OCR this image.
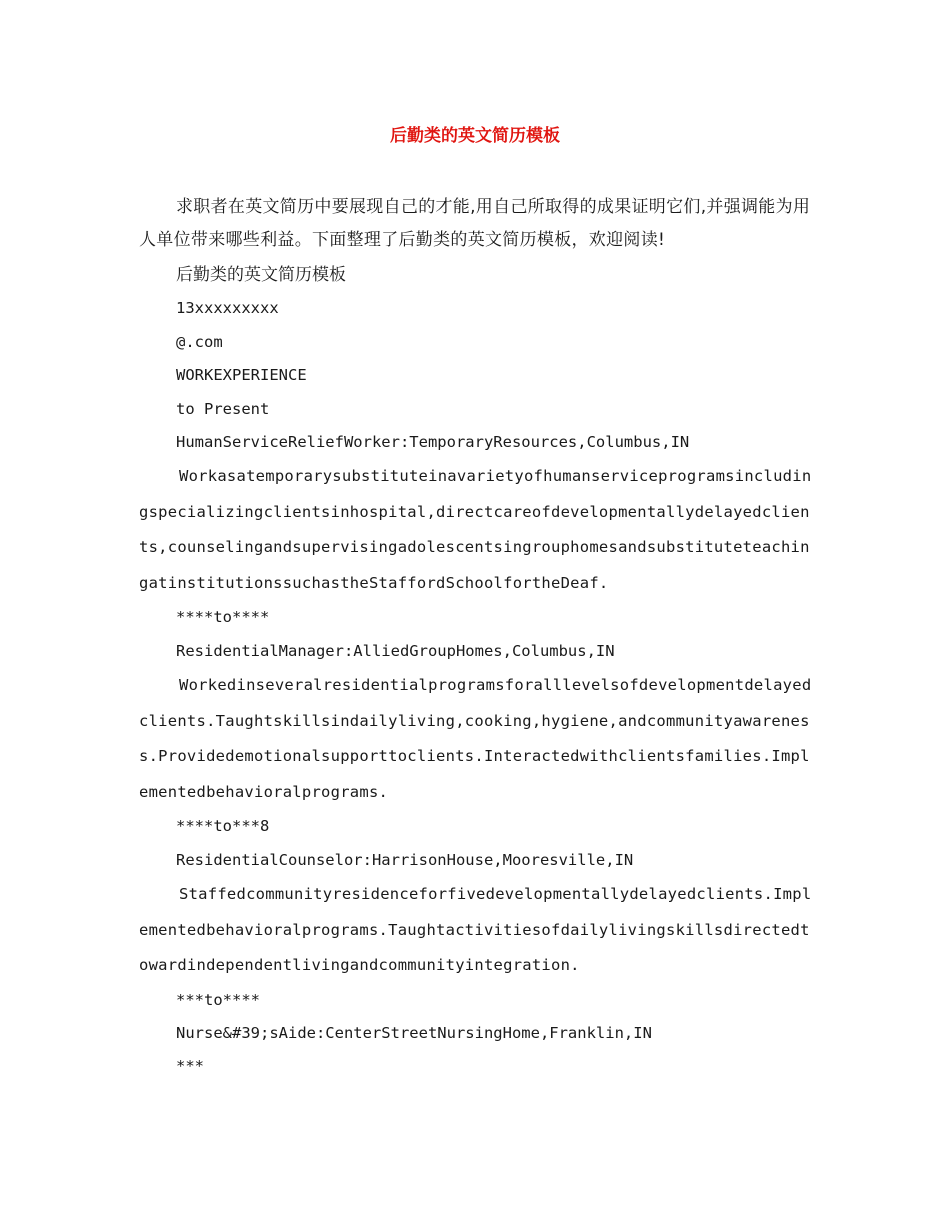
后勤类的英文简历模板

求职者在英文简历中要展现自己的才能,用自己所取得的成果证明它们,并强调能为用人单位带来哪些利益。下面整理了后勤类的英文简历模板，欢迎阅读!

后勤类的英文简历模板

13xxxxxxxxx

@.com

WORKEXPERIENCE

to Present

HumanServiceReliefWorker:TemporaryResources,Columbus,IN

Workasatemporarysubstituteinavarietyofhumanserviceprogramsincludingspecializingclientsinhospital,directcareofdevelopmentallydelayedclients,counselingandsupervisingadolescentsingrouphomesandsubstituteteachingatinstitutionssuchastheStaffordSchoolfortheDeaf.

****to****

ResidentialManager:AlliedGroupHomes,Columbus,IN

Workedinseveralresidentialprogramsforalllevelsofdevelopmentdelayedclients.Taughtskillsindailyliving,cooking,hygiene,andcommunityawareness.Providedemotionalsupporttoclients.Interactedwithclientsfamilies.Implementedbehavioralprograms.

****to***8

ResidentialCounselor:HarrisonHouse,Mooresville,IN

Staffedcommunityresidenceforfivedevelopmentallydelayedclients.Implementedbehavioralprograms.Taughtactivitiesofdailylivingskillsdirectedtowardindependentlivingandcommunityintegration.

***to****

Nurse&#39;sAide:CenterStreetNursingHome,Franklin,IN

***
